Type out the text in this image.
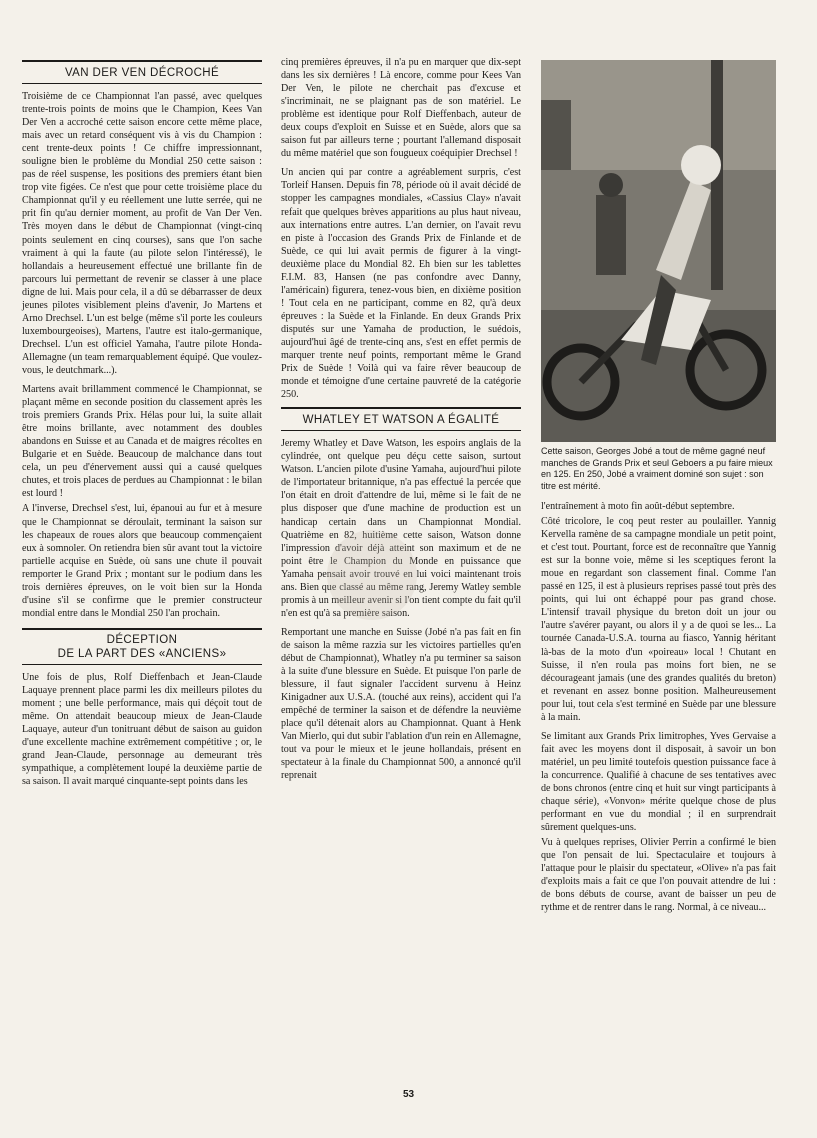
VAN DER VEN DÉCROCHÉ

Troisième de ce Championnat l'an passé, avec quelques trente-trois points de moins que le Champion, Kees Van Der Ven a accroché cette saison encore cette même place, mais avec un retard conséquent vis à vis du Champion : cent trente-deux points ! Ce chiffre impressionnant, souligne bien le problème du Mondial 250 cette saison : pas de réel suspense, les positions des premiers étant bien trop vite figées. Ce n'est que pour cette troisième place du Championnat qu'il y eu réellement une lutte serrée, qui ne prit fin qu'au dernier moment, au profit de Van Der Ven. Très moyen dans le début de Championnat (vingt-cinq points seulement en cinq courses), sans que l'on sache vraiment à qui la faute (au pilote selon l'intéressé), le hollandais a heureusement effectué une brillante fin de parcours lui permettant de revenir se classer à une place digne de lui. Mais pour cela, il a dû se débarrasser de deux jeunes pilotes visiblement pleins d'avenir, Jo Martens et Arno Drechsel. L'un est belge (même s'il porte les couleurs luxembourgeoises), Martens, l'autre est italo-germanique, Drechsel. L'un est officiel Yamaha, l'autre pilote Honda-Allemagne (un team remarquablement équipé. Que voulez-vous, le deutchmark...).

Martens avait brillamment commencé le Championnat, se plaçant même en seconde position du classement après les trois premiers Grands Prix. Hélas pour lui, la suite allait être moins brillante, avec notamment des doubles abandons en Suisse et au Canada et de maigres récoltes en Bulgarie et en Suède. Beaucoup de malchance dans tout cela, un peu d'énervement aussi qui a causé quelques chutes, et trois places de perdues au Championnat : le bilan est lourd !

A l'inverse, Drechsel s'est, lui, épanoui au fur et à mesure que le Championnat se déroulait, terminant la saison sur les chapeaux de roues alors que beaucoup commençaient eux à somnoler. On retiendra bien sûr avant tout la victoire partielle acquise en Suède, où sans une chute il pouvait remporter le Grand Prix ; montant sur le podium dans les trois dernières épreuves, on le voit bien sur la Honda d'usine s'il se confirme que le premier constructeur mondial entre dans le Mondial 250 l'an prochain.

DÉCEPTION
DE LA PART DES «ANCIENS»

Une fois de plus, Rolf Dieffenbach et Jean-Claude Laquaye prennent place parmi les dix meilleurs pilotes du moment ; une belle performance, mais qui déçoit tout de même. On attendait beaucoup mieux de Jean-Claude Laquaye, auteur d'un tonitruant début de saison au guidon d'une excellente machine extrêmement compétitive ; or, le grand Jean-Claude, personnage au demeurant très sympathique, a complètement loupé la deuxième partie de sa saison. Il avait marqué cinquante-sept points dans les

cinq premières épreuves, il n'a pu en marquer que dix-sept dans les six dernières ! Là encore, comme pour Kees Van Der Ven, le pilote ne cherchait pas d'excuse et s'incriminait, ne se plaignant pas de son matériel. Le problème est identique pour Rolf Dieffenbach, auteur de deux coups d'exploit en Suisse et en Suède, alors que sa saison fut par ailleurs terne ; pourtant l'allemand disposait du même matériel que son fougueux coéquipier Drechsel !

Un ancien qui par contre a agréablement surpris, c'est Torleif Hansen. Depuis fin 78, période où il avait décidé de stopper les campagnes mondiales, «Cassius Clay» n'avait refait que quelques brèves apparitions au plus haut niveau, aux internations entre autres. L'an dernier, on l'avait revu en piste à l'occasion des Grands Prix de Finlande et de Suède, ce qui lui avait permis de figurer à la vingt-deuxième place du Mondial 82. Eh bien sur les tablettes F.I.M. 83, Hansen (ne pas confondre avec Danny, l'américain) figurera, tenez-vous bien, en dixième position ! Tout cela en ne participant, comme en 82, qu'à deux épreuves : la Suède et la Finlande. En deux Grands Prix disputés sur une Yamaha de production, le suédois, aujourd'hui âgé de trente-cinq ans, s'est en effet permis de marquer trente neuf points, remportant même le Grand Prix de Suède ! Voilà qui va faire rêver beaucoup de monde et témoigne d'une certaine pauvreté de la catégorie 250.

WHATLEY ET WATSON A ÉGALITÉ

Jeremy Whatley et Dave Watson, les espoirs anglais de la cylindrée, ont quelque peu déçu cette saison, surtout Watson. L'ancien pilote d'usine Yamaha, aujourd'hui pilote de l'importateur britannique, n'a pas effectué la percée que l'on était en droit d'attendre de lui, même si le fait de ne plus disposer que d'une machine de production est un handicap certain dans un Championnat Mondial. Quatrième en 82, huitième cette saison, Watson donne l'impression d'avoir déjà atteint son maximum et de ne point être le Champion du Monde en puissance que Yamaha pensait avoir trouvé en lui voici maintenant trois ans. Bien que classé au même rang, Jeremy Watley semble promis à un meilleur avenir si l'on tient compte du fait qu'il n'en est qu'à sa première saison.

Remportant une manche en Suisse (Jobé n'a pas fait en fin de saison la même razzia sur les victoires partielles qu'en début de Championnat), Whatley n'a pu terminer sa saison à la suite d'une blessure en Suède. Et puisque l'on parle de blessure, il faut signaler l'accident survenu à Heinz Kinigadner aux U.S.A. (touché aux reins), accident qui l'a empêché de terminer la saison et de défendre la neuvième place qu'il détenait alors au Championnat. Quant à Henk Van Mierlo, qui dut subir l'ablation d'un rein en Allemagne, tout va pour le mieux et le jeune hollandais, présent en spectateur à la finale du Championnat 500, a annoncé qu'il reprenait

Cette saison, Georges Jobé a tout de même gagné neuf manches de Grands Prix et seul Geboers a pu faire mieux en 125. En 250, Jobé a vraiment dominé son sujet : son titre est mérité.

l'entraînement à moto fin août-début septembre.

Côté tricolore, le coq peut rester au poulailler. Yannig Kervella ramène de sa campagne mondiale un petit point, et c'est tout. Pourtant, force est de reconnaître que Yannig est sur la bonne voie, même si les sceptiques feront la moue en regardant son classement final. Comme l'an passé en 125, il est à plusieurs reprises passé tout près des points, qui lui ont échappé pour pas grand chose. L'intensif travail physique du breton doit un jour ou l'autre s'avérer payant, ou alors il y a de quoi se les... La tournée Canada-U.S.A. tourna au fiasco, Yannig héritant là-bas de la moto d'un «poireau» local ! Chutant en Suisse, il n'en roula pas moins fort bien, ne se décourageant jamais (une des grandes qualités du breton) et revenant en assez bonne position. Malheureusement pour lui, tout cela s'est terminé en Suède par une blessure à la main.

Se limitant aux Grands Prix limitrophes, Yves Gervaise a fait avec les moyens dont il disposait, à savoir un bon matériel, un peu limité toutefois question puissance face à la concurrence. Qualifié à chacune de ses tentatives avec de bons chronos (entre cinq et huit sur vingt participants à chaque série), «Vonvon» mérite quelque chose de plus performant en vue du mondial ; il en surprendrait sûrement quelques-uns.

Vu à quelques reprises, Olivier Perrin a confirmé le bien que l'on pensait de lui. Spectaculaire et toujours à l'attaque pour le plaisir du spectateur, «Olive» n'a pas fait d'exploits mais a fait ce que l'on pouvait attendre de lui : de bons débuts de course, avant de baisser un peu de rythme et de rentrer dans le rang. Normal, à ce niveau...

53
